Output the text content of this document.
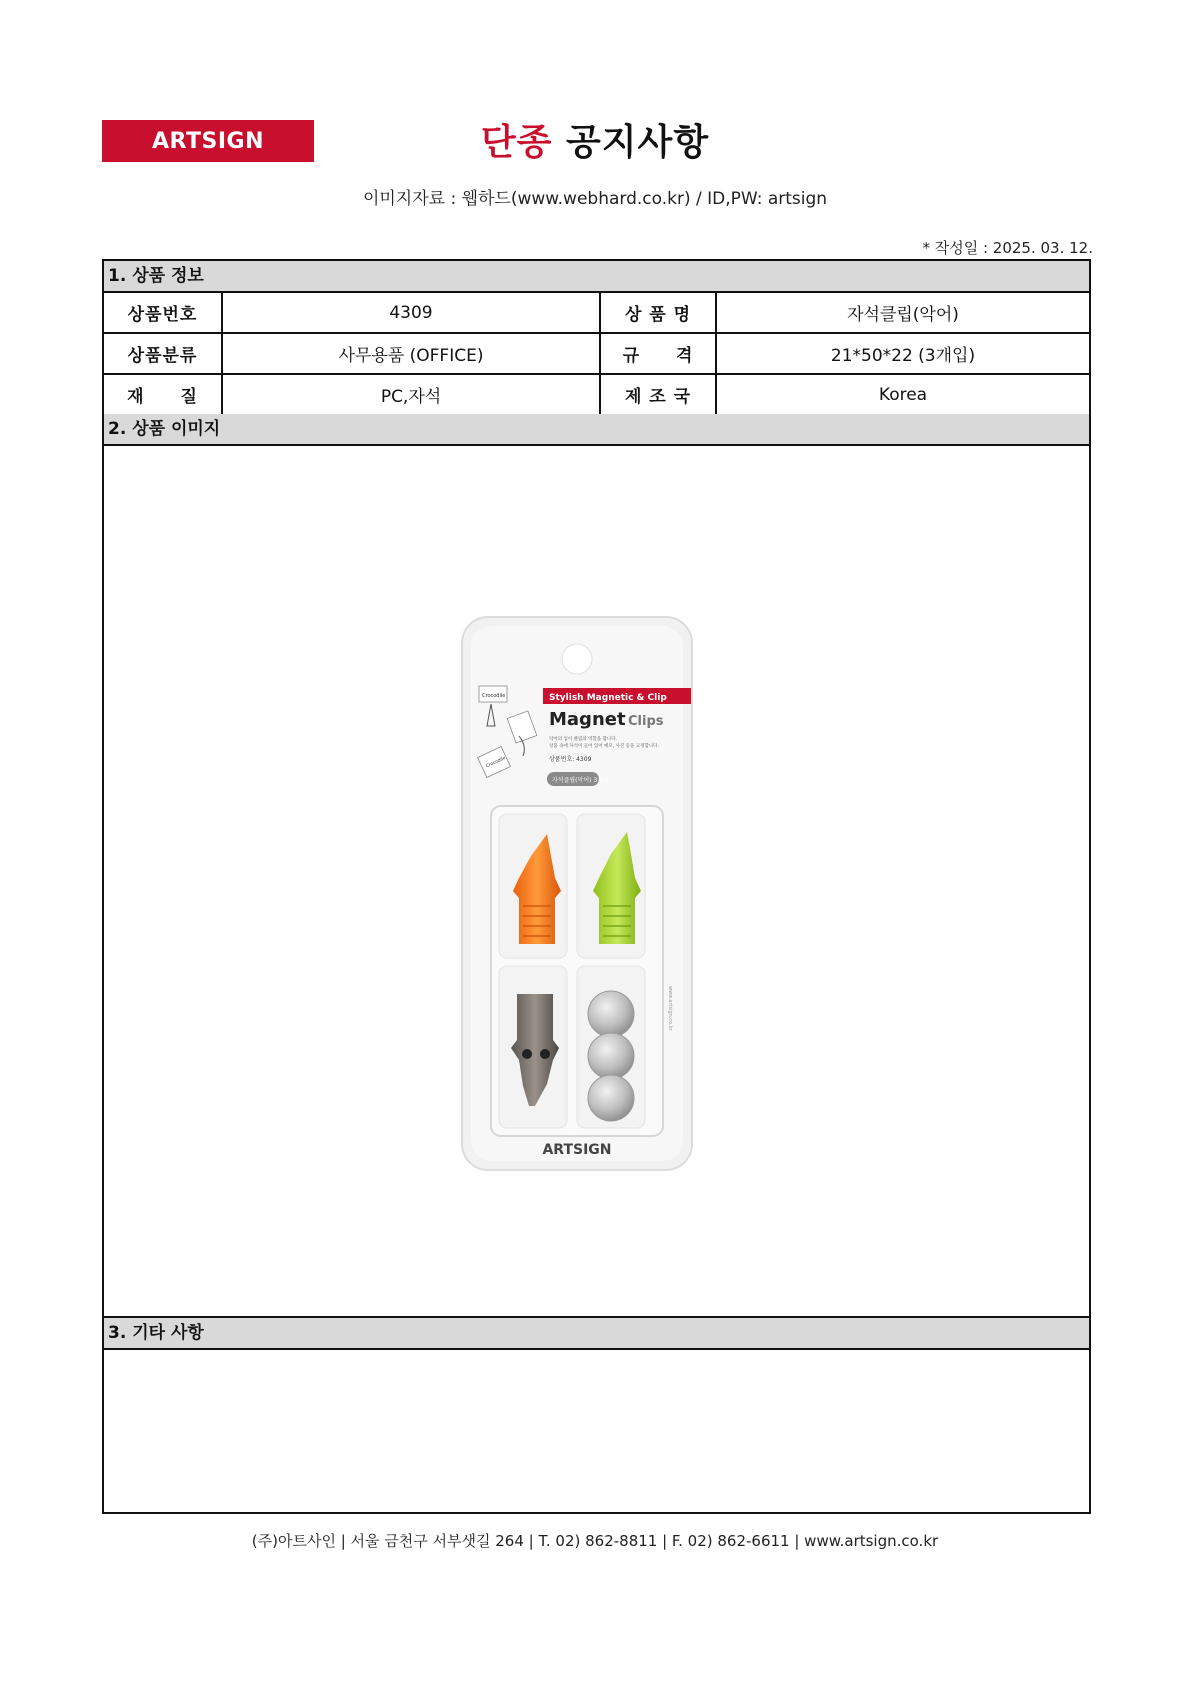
ARTSIGN	단종 공지사항
이미지자료 : 웹하드(www.webhard.co.kr) / ID,PW: artsign
* 작성일 : 2025. 03. 12.
1. 상품 정보
상품번호	4309	상 품 명	자석클립(악어)
상품분류	사무용품 (OFFICE)	규　　격	21*50*22 (3개입)
재　　질	PC,자석	제 조 국	Korea
2. 상품 이미지
Crocodile
Crocodile
Stylish Magnetic & Clip
Magnet Clips
악어의 입이 클립의 역할을 합니다.
상품 속에 자석이 들어 있어 메모, 사진 등을 고정합니다.
상품번호: 4309
자석클립(악어) 3개입
www.artsign.co.kr
ARTSIGN
3. 기타 사항
(주)아트사인 | 서울 금천구 서부샛길 264 | T. 02) 862-8811 | F. 02) 862-6611 | www.artsign.co.kr
